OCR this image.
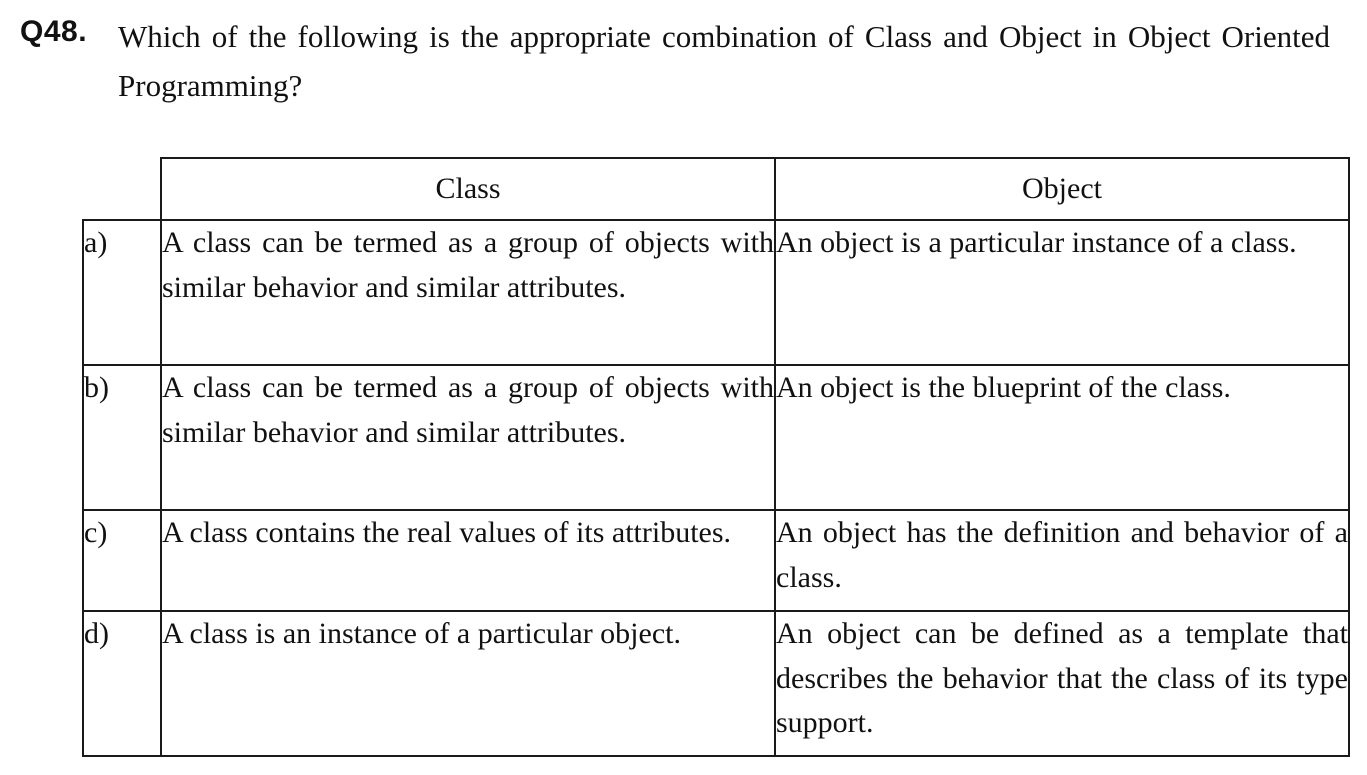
Q48. Which of the following is the appropriate combination of Class and Object in Object Oriented Programming?
	Class	Object
a)	A class can be termed as a group of objects with similar behavior and similar attributes.	An object is a particular instance of a class.
b)	A class can be termed as a group of objects with similar behavior and similar attributes.	An object is the blueprint of the class.
c)	A class contains the real values of its attributes.	An object has the definition and behavior of a class.
d)	A class is an instance of a particular object.	An object can be defined as a template that describes the behavior that the class of its type support.
